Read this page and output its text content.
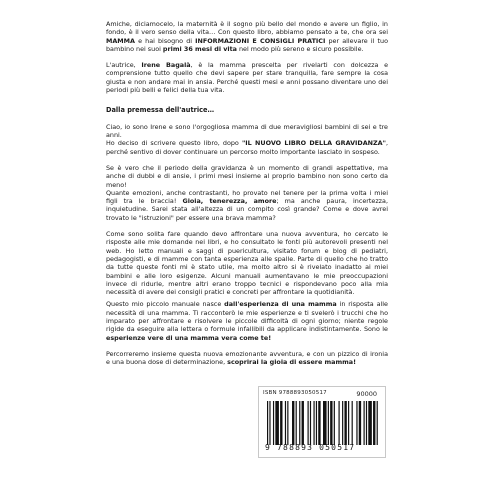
Amiche, diciamocelo, la maternità è il sogno più bello del mondo e avere un figlio, in fondo, è il vero senso della vita… Con questo libro, abbiamo pensato a te, che ora sei MAMMA e hai bisogno di INFORMAZIONI E CONSIGLI PRATICI per allevare il tuo bambino nei suoi primi 36 mesi di vita nel modo più sereno e sicuro possibile.

L'autrice, Irene Bagalà, è la mamma prescelta per rivelarti con dolcezza e comprensione tutto quello che devi sapere per stare tranquilla, fare sempre la cosa giusta e non andare mai in ansia. Perché questi mesi e anni possano diventare uno dei periodi più belli e felici della tua vita.

Dalla premessa dell'autrice…

Ciao, io sono Irene e sono l'orgogliosa mamma di due meravigliosi bambini di sei e tre anni.

Ho deciso di scrivere questo libro, dopo "IL NUOVO LIBRO DELLA GRAVIDANZA", perché sentivo di dover continuare un percorso molto importante lasciato in sospeso.

Se è vero che il periodo della gravidanza è un momento di grandi aspettative, ma anche di dubbi e di ansie, i primi mesi insieme al proprio bambino non sono certo da meno!

Quante emozioni, anche contrastanti, ho provato nel tenere per la prima volta i miei figli tra le braccia! Gioia, tenerezza, amore; ma anche paura, incertezza, inquietudine. Sarei stata all'altezza di un compito così grande? Come e dove avrei trovato le "istruzioni" per essere una brava mamma?

Come sono solita fare quando devo affrontare una nuova avventura, ho cercato le risposte alle mie domande nei libri, e ho consultato le fonti più autorevoli presenti nel web. Ho letto manuali e saggi di puericultura, visitato forum e blog di pediatri, pedagogisti, e di mamme con tanta esperienza alle spalle. Parte di quello che ho tratto da tutte queste fonti mi è stato utile, ma molto altro si è rivelato inadatto ai miei bambini e alle loro esigenze. Alcuni manuali aumentavano le mie preoccupazioni invece di ridurle, mentre altri erano troppo tecnici e rispondevano poco alla mia necessità di avere dei consigli pratici e concreti per affrontare la quotidianità.

Questo mio piccolo manuale nasce dall'esperienza di una mamma in risposta alle necessità di una mamma. Ti racconterò le mie esperienze e ti svelerò i trucchi che ho imparato per affrontare e risolvere le piccole difficoltà di ogni giorno; niente regole rigide da eseguire alla lettera o formule infallibili da applicare indistintamente. Sono le esperienze vere di una mamma vera come te!

Percorreremo insieme questa nuova emozionante avventura, e con un pizzico di ironia e una buona dose di determinazione, scoprirai la gioia di essere mamma!

ISBN 9788893050517	90000
9 788893 050517
